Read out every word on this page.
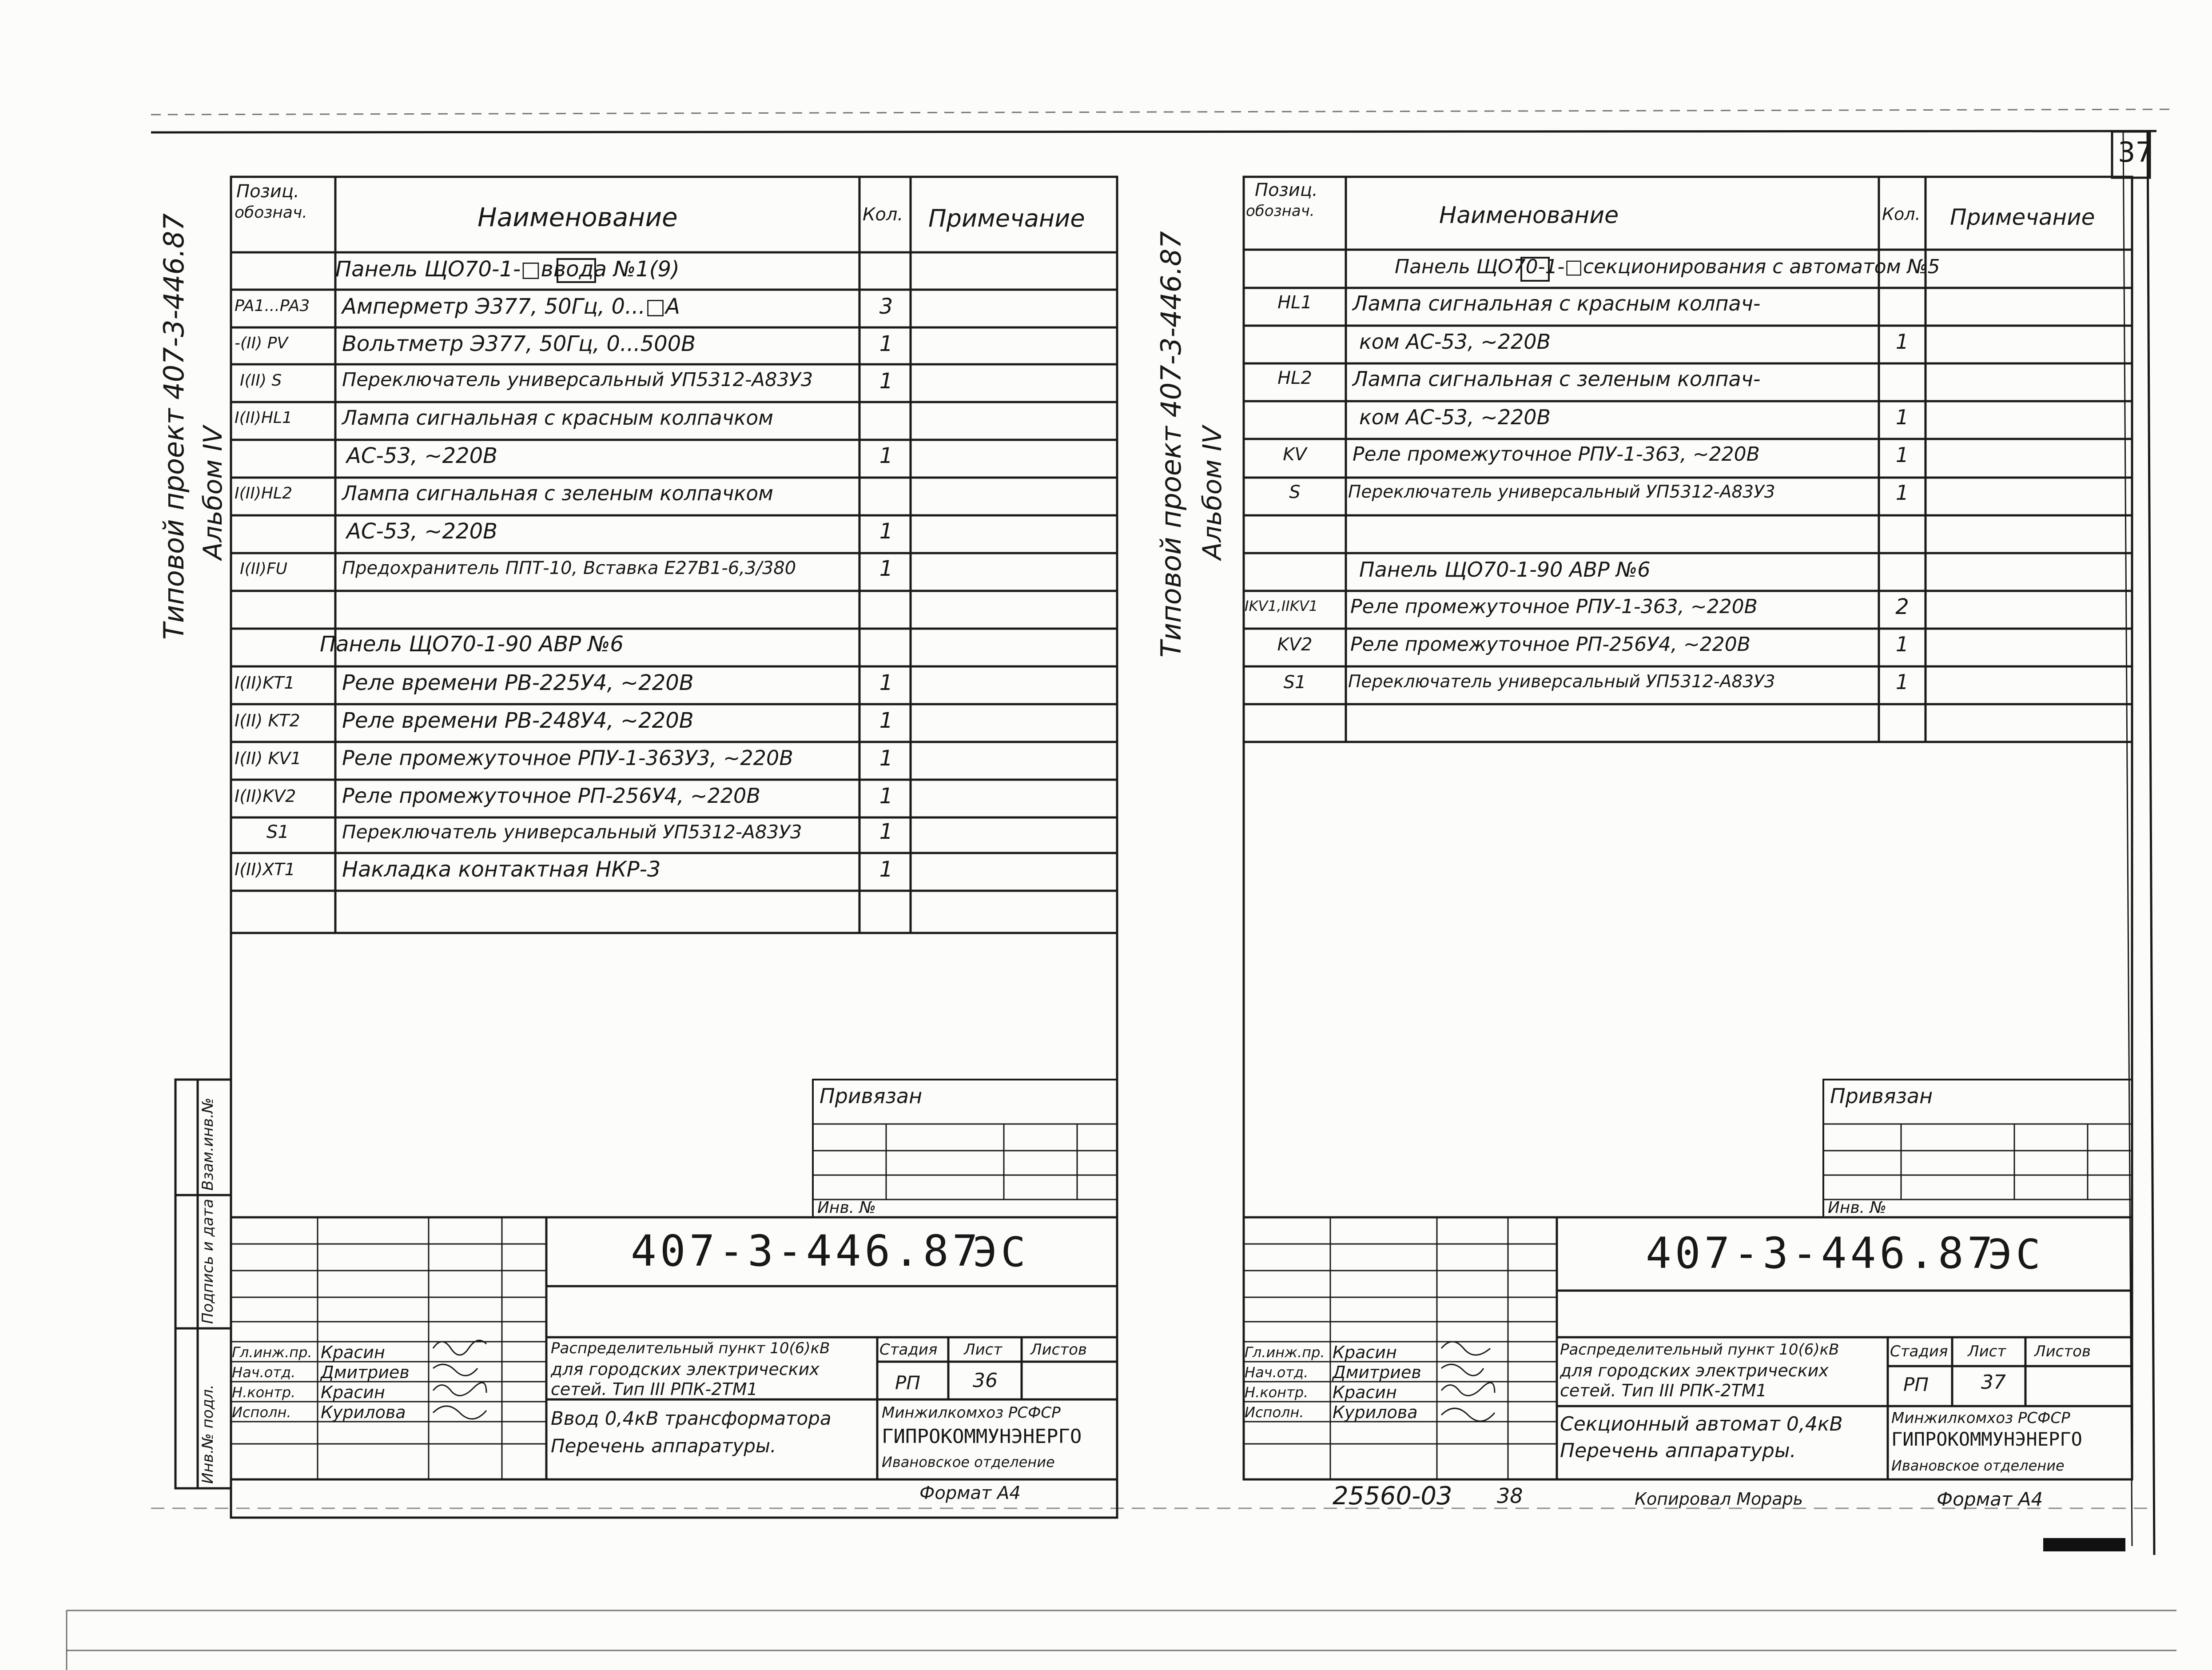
37
Типовой проект 407-3-446.87 Альбом IV
Взам.инв.№
Подпись и дата
Инв.№ подл.
Позиц.
обознач.	Наименование	Кол. Примечание
Панель ЩО70-1-□ввода №1(9)
PA1...PA3 Амперметр Э377, 50Гц, 0...□А	3
-(II) PV	Вольтметр Э377, 50Гц, 0...500В	1
I(II) S	Переключатель универсальный УП5312-А83У3	1
I(II)HL1 Лампа сигнальная с красным колпачком
АС-53, ~220В	1
I(II)HL2 Лампа сигнальная с зеленым колпачком
АС-53, ~220В	1
I(II)FU	Предохранитель ППТ-10, Вставка Е27В1-6,3/380	1
Панель ЩО70-1-90 АВР №6
I(II)KT1 Реле времени РВ-225У4, ~220В	1
I(II) KT2 Реле времени РВ-248У4, ~220В	1
I(II) KV1 Реле промежуточное РПУ-1-363У3, ~220В	1
I(II)KV2 Реле промежуточное РП-256У4, ~220В	1
S1	Переключатель универсальный УП5312-А83У3	1
I(II)XT1 Накладка контактная НКР-3	1
Привязан
Инв. №
407-3-446.87
ЭС
Гл.инж.пр.
Нач.отд.
Н.контр.
Исполн.
Красин
Дмитриев
Красин
Курилова
Распределительный пункт 10(6)кВ
для городских электрических
сетей. Тип III РПК-2ТМ1
Ввод 0,4кВ трансформатора
Перечень аппаратуры.
Стадия Лист Листов
РП	36
Минжилкомхоз РСФСР
ГИПРОКОММУНЭНЕРГО
Ивановское отделение
Формат А4
Типовой проект 407-3-446.87 Альбом IV
Позиц.
обознач.	Наименование	Кол. Примечание
Панель ЩО70-1-□секционирования с автоматом №5
HL1	Лампа сигнальная с красным колпач-
ком АС-53, ~220В	1
HL2	Лампа сигнальная с зеленым колпач-
ком АС-53, ~220В	1
KV	Реле промежуточное РПУ-1-363, ~220В	1
S	Переключатель универсальный УП5312-А83У3	1
Панель ЩО70-1-90 АВР №6
IKV1,IIKV1 Реле промежуточное РПУ-1-363, ~220В	2
KV2	Реле промежуточное РП-256У4, ~220В	1
S1	Переключатель универсальный УП5312-А83У3	1
Привязан
Инв. №
407-3-446.87
ЭС
Гл.инж.пр.
Нач.отд.
Н.контр.
Исполн.
Красин
Дмитриев
Красин
Курилова
Распределительный пункт 10(6)кВ
для городских электрических
сетей. Тип III РПК-2ТМ1
Секционный автомат 0,4кВ
Перечень аппаратуры.
Стадия Лист Листов
РП	37
Минжилкомхоз РСФСР
ГИПРОКОММУНЭНЕРГО
Ивановское отделение
25560-03 38	Копировал Морарь	Формат А4
